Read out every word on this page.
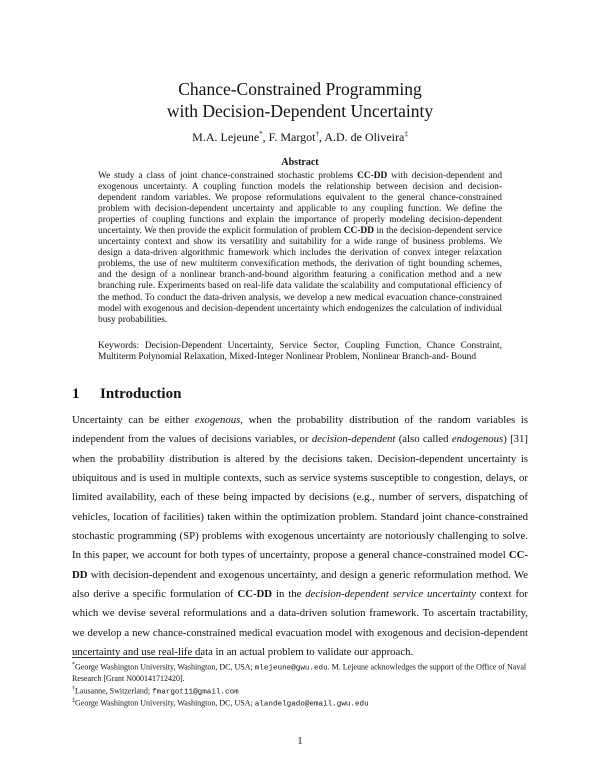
Chance-Constrained Programming
with Decision-Dependent Uncertainty
M.A. Lejeune*, F. Margot†, A.D. de Oliveira‡
Abstract
We study a class of joint chance-constrained stochastic problems CC-DD with decision-dependent and exogenous uncertainty. A coupling function models the relationship between decision and decision-dependent random variables. We propose reformulations equivalent to the general chance-constrained problem with decision-dependent uncertainty and applicable to any coupling function. We define the properties of coupling functions and explain the importance of properly modeling decision-dependent uncertainty. We then provide the explicit formulation of problem CC-DD in the decision-dependent service uncertainty context and show its versatility and suitability for a wide range of business problems. We design a data-driven algorithmic framework which includes the derivation of convex integer relaxation problems, the use of new multiterm convexification methods, the derivation of tight bounding schemes, and the design of a nonlinear branch-and-bound algorithm featuring a conification method and a new branching rule. Experiments based on real-life data validate the scalability and computational efficiency of the method. To conduct the data-driven analysis, we develop a new medical evacuation chance-constrained model with exogenous and decision-dependent uncertainty which endogenizes the calculation of individual busy probabilities.
Keywords: Decision-Dependent Uncertainty, Service Sector, Coupling Function, Chance Constraint, Multiterm Polynomial Relaxation, Mixed-Integer Nonlinear Problem, Nonlinear Branch-and- Bound
1 Introduction
Uncertainty can be either exogenous, when the probability distribution of the random variables is independent from the values of decisions variables, or decision-dependent (also called endogenous) [31] when the probability distribution is altered by the decisions taken. Decision-dependent uncertainty is ubiquitous and is used in multiple contexts, such as service systems susceptible to congestion, delays, or limited availability, each of these being impacted by decisions (e.g., number of servers, dispatching of vehicles, location of facilities) taken within the optimization problem. Standard joint chance-constrained stochastic programming (SP) problems with exogenous uncertainty are notoriously challenging to solve. In this paper, we account for both types of uncertainty, propose a general chance-constrained model CC-DD with decision-dependent and exogenous uncertainty, and design a generic reformulation method. We also derive a specific formulation of CC-DD in the decision-dependent service uncertainty context for which we devise several reformulations and a data-driven solution framework. To ascertain tractability, we develop a new chance-constrained medical evacuation model with exogenous and decision-dependent uncertainty and use real-life data in an actual problem to validate our approach.
*George Washington University, Washington, DC, USA; mlejeune@gwu.edu. M. Lejeune acknowledges the support of the Office of Naval Research [Grant N000141712420].
†Lausanne, Switzerland; fmargot11@gmail.com
‡George Washington University, Washington, DC, USA; alandelgado@email.gwu.edu
1
